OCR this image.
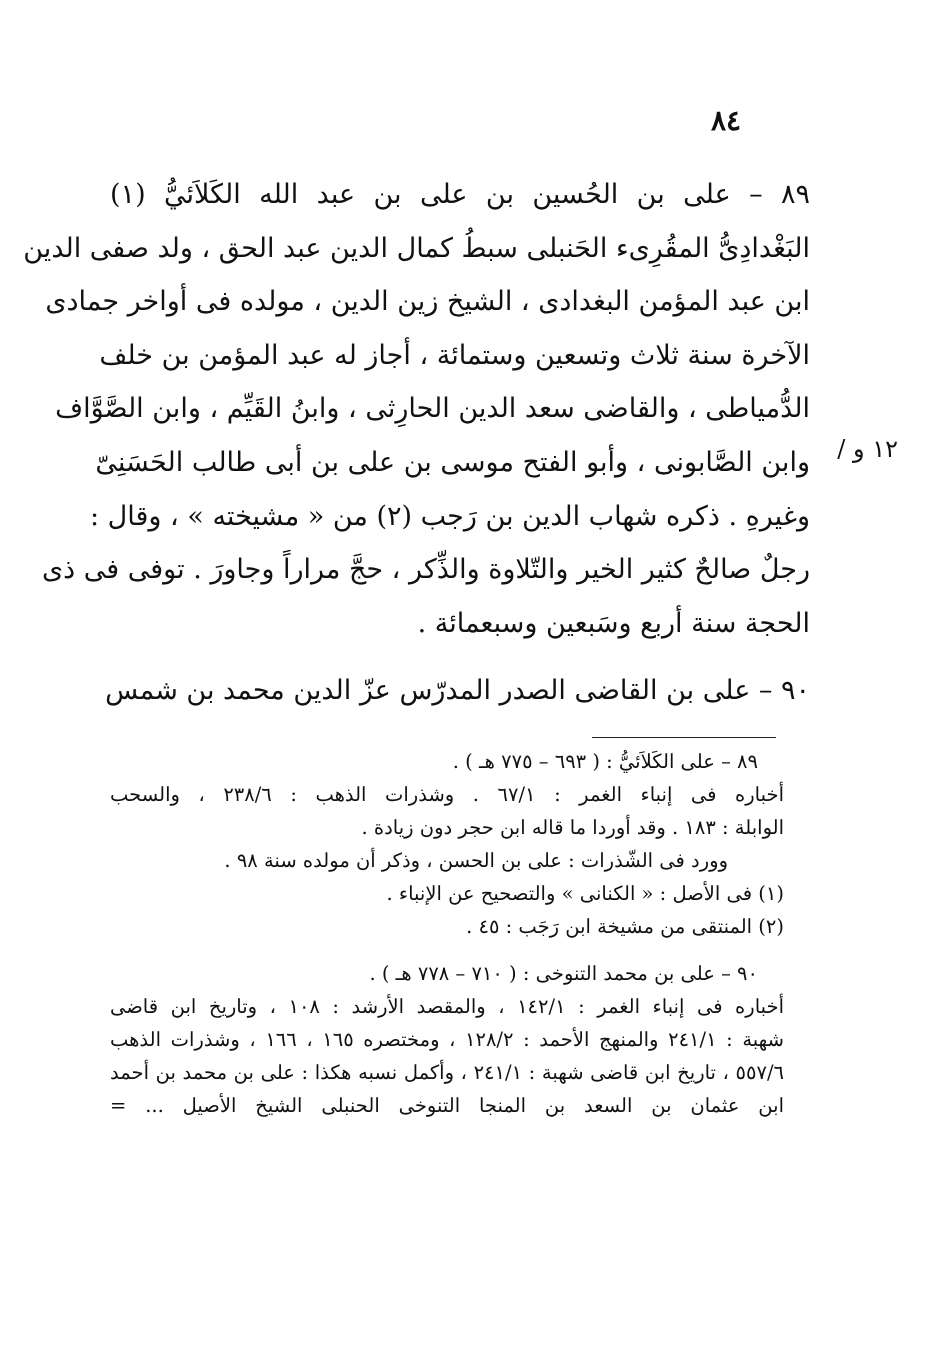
٨٤
٨٩ – على بن الحُسين بن على بن عبد الله الكَلاَئيُّ (١)
البَغْدادِىُّ المقُرِىء الحَنبلى سبطُ كمال الدين عبد الحق ، ولد صفى الدين
ابن عبد المؤمن البغدادى ، الشيخ زين الدين ، مولده فى أواخر جمادى
الآخرة سنة ثلاث وتسعين وستمائة ، أجاز له عبد المؤمن بن خلف
الدُّمياطى ، والقاضى سعد الدين الحارِثى ، وابنُ القَيِّم ، وابن الصَّوَّاف
وابن الصَّابونى ، وأبو الفتح موسى بن على بن أبى طالب الحَسَنِىّ
وغيرهِ . ذكره شهاب الدين بن رَجب (٢) من « مشيخته » ، وقال :
رجلٌ صالحٌ كثير الخير والتّلاوة والذِّكر ، حجَّ مراراً وجاورَ . توفى فى ذى
الحجة سنة أربع وسَبعين وسبعمائة .
٩٠ – على بن القاضى الصدر المدرّس عزّ الدين محمد بن شمس
١٢ و /
٨٩ – على الكَلاَئيُّ : ( ٦٩٣ – ٧٧٥ هـ ) .
أخباره فى إنباء الغمر : ٦٧/١ . وشذرات الذهب : ٢٣٨/٦ ، والسحب
الوابلة : ١٨٣ . وقد أوردا ما قاله ابن حجر دون زيادة .
وورد فى الشّذرات : على بن الحسن ، وذكر أن مولده سنة ٩٨ .
(١) فى الأصل : « الكنانى » والتصحيح عن الإنباء .
(٢) المنتقى من مشيخة ابن رَجَب : ٤٥ .
٩٠ – على بن محمد التنوخى : ( ٧١٠ – ٧٧٨ هـ ) .
أخباره فى إنباء الغمر : ١٤٢/١ ، والمقصد الأرشد : ١٠٨ ، وتاريخ ابن قاضى
شهبة : ٢٤١/١ والمنهج الأحمد : ١٢٨/٢ ، ومختصره ١٦٥ ، ١٦٦ ، وشذرات الذهب
٥٥٧/٦ ، تاريخ ابن قاضى شهبة : ٢٤١/١ ، وأكمل نسبه هكذا : على بن محمد بن أحمد
ابن عثمان بن السعد بن المنجا التنوخى الحنبلى الشيخ الأصيل ... =
